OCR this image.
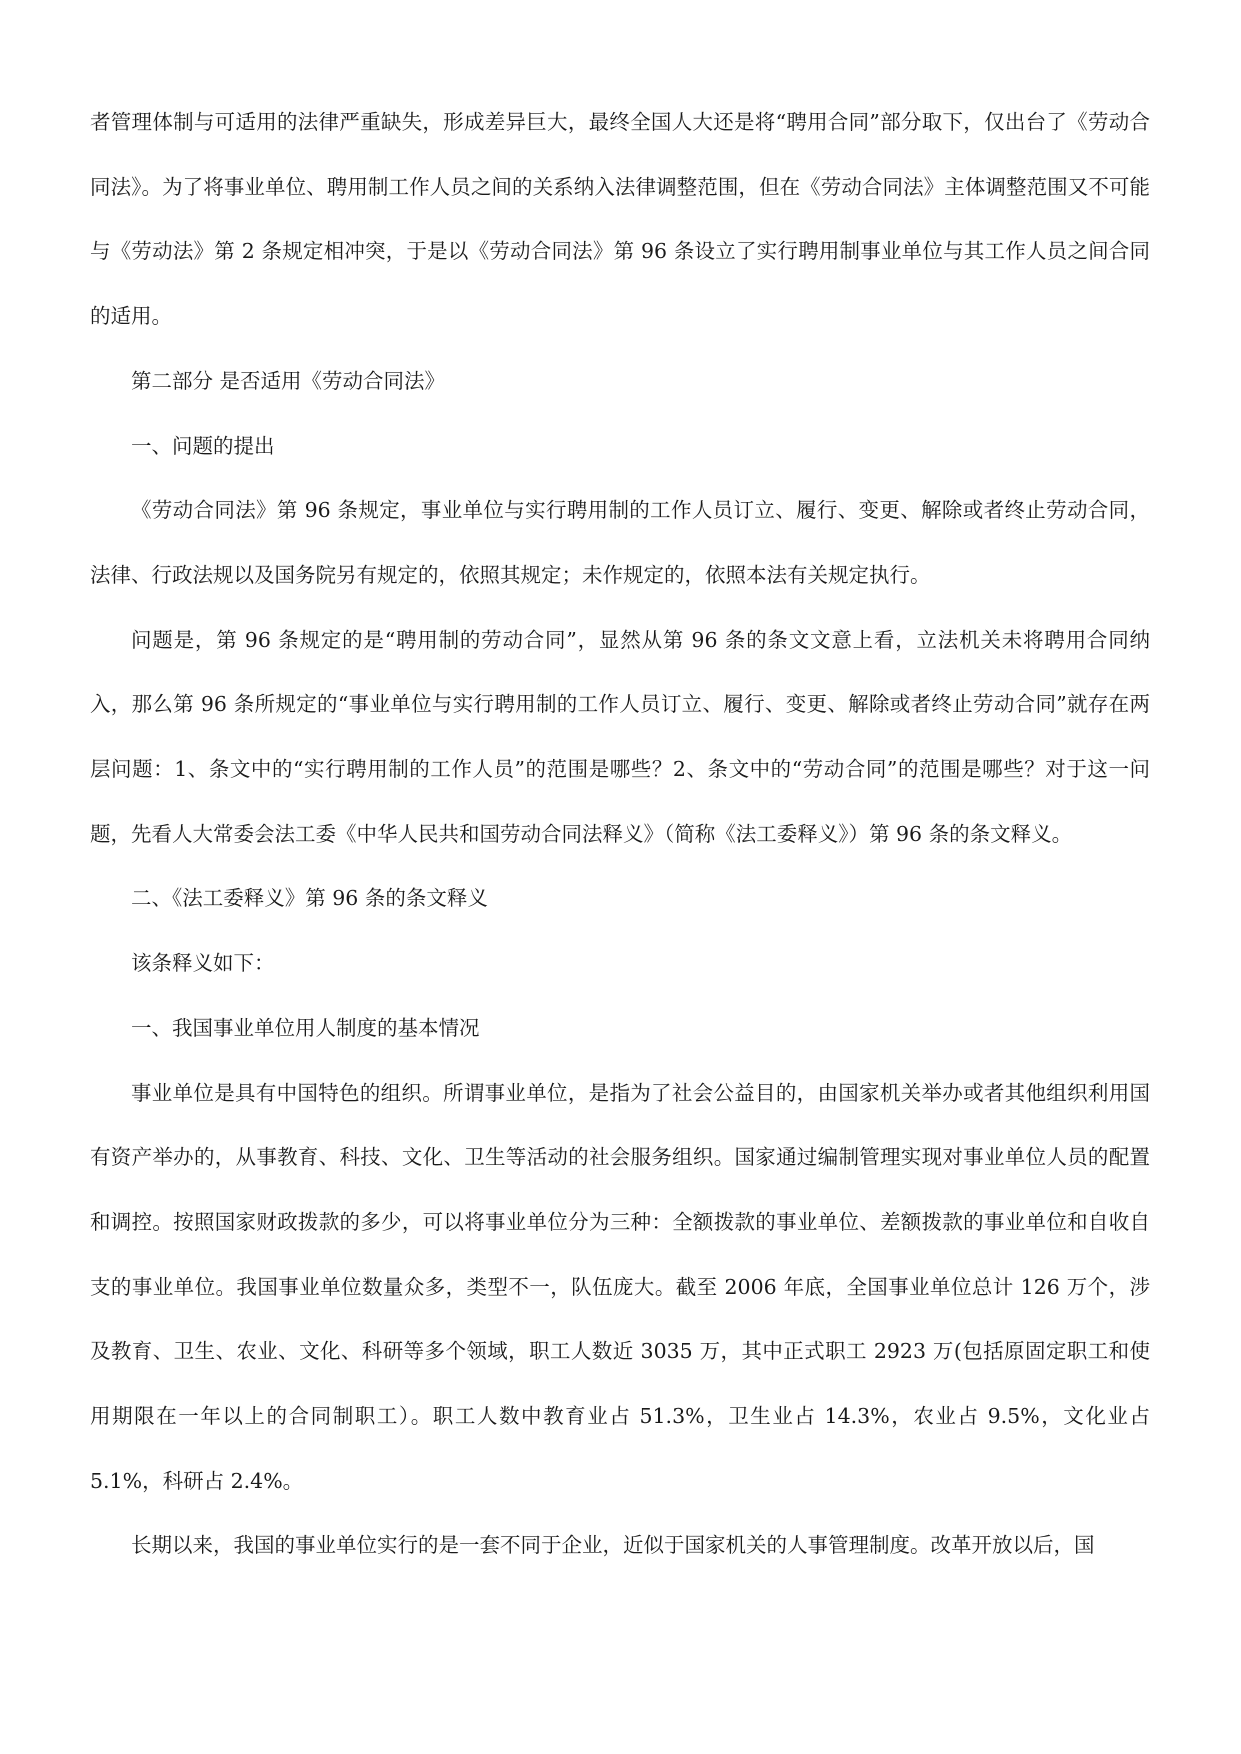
者管理体制与可适用的法律严重缺失，形成差异巨大，最终全国人大还是将“聘用合同”部分取下，仅出台了《劳动合同法》。为了将事业单位、聘用制工作人员之间的关系纳入法律调整范围，但在《劳动合同法》主体调整范围又不可能与《劳动法》第 2 条规定相冲突，于是以《劳动合同法》第 96 条设立了实行聘用制事业单位与其工作人员之间合同的适用。

第二部分 是否适用《劳动合同法》

一、问题的提出

《劳动合同法》第 96 条规定，事业单位与实行聘用制的工作人员订立、履行、变更、解除或者终止劳动合同，法律、行政法规以及国务院另有规定的，依照其规定；未作规定的，依照本法有关规定执行。

问题是，第 96 条规定的是“聘用制的劳动合同”，显然从第 96 条的条文文意上看，立法机关未将聘用合同纳入，那么第 96 条所规定的“事业单位与实行聘用制的工作人员订立、履行、变更、解除或者终止劳动合同”就存在两层问题：1、条文中的“实行聘用制的工作人员”的范围是哪些？2、条文中的“劳动合同”的范围是哪些？对于这一问题，先看人大常委会法工委《中华人民共和国劳动合同法释义》（简称《法工委释义》）第 96 条的条文释义。

二、《法工委释义》第 96 条的条文释义

该条释义如下：

一、我国事业单位用人制度的基本情况

事业单位是具有中国特色的组织。所谓事业单位，是指为了社会公益目的，由国家机关举办或者其他组织利用国有资产举办的，从事教育、科技、文化、卫生等活动的社会服务组织。国家通过编制管理实现对事业单位人员的配置和调控。按照国家财政拨款的多少，可以将事业单位分为三种：全额拨款的事业单位、差额拨款的事业单位和自收自支的事业单位。我国事业单位数量众多，类型不一，队伍庞大。截至 2006 年底，全国事业单位总计 126 万个，涉及教育、卫生、农业、文化、科研等多个领域，职工人数近 3035 万，其中正式职工 2923 万(包括原固定职工和使用期限在一年以上的合同制职工）。职工人数中教育业占 51.3%，卫生业占 14.3%，农业占 9.5%，文化业占 5.1%，科研占 2.4%。

长期以来，我国的事业单位实行的是一套不同于企业，近似于国家机关的人事管理制度。改革开放以后，国
